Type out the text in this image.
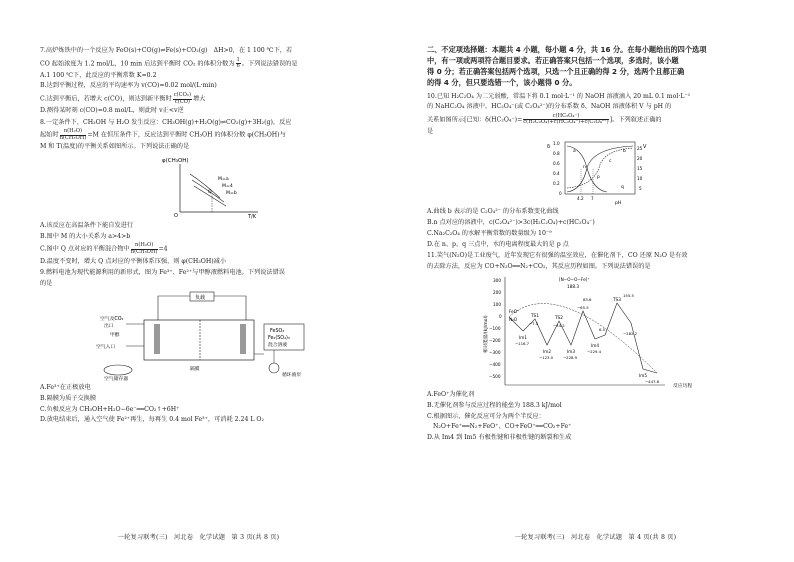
7.高炉炼铁中的一个反应为 FeO(s)+CO(g)⇌Fe(s)+CO₂(g)　ΔH>0，在 1 100 ℃下，若

CO 起始浓度为 1.2 mol/L，10 min 后达到平衡时 CO₂ 的体积分数为 $\frac{1}{6}$ 。下列说法错误的是

A.1 100 ℃下，此反应的平衡常数 K=0.2

B.达到平衡过程，反应的平均速率为 v(CO)=0.02 mol/(L·min)

C.达到平衡后，若增大 c(CO)，则达到新平衡时 $\frac{\text{c(CO₂)}}{c(CO)}$ 增大

D.测得某时刻 c(CO)=0.8 mol/L，则此时 v正<v逆

8.一定条件下，CH₃OH 与 H₂O 发生反应：CH₃OH(g)+H₂O(g)⇌CO₂(g)+3H₂(g)，反应

起始时 $\frac{\text{n(H₂O)}}{\text{n(CH₃OH)}} =M$ 在恒压条件下，反应达到平衡时 CH₃OH 的体积分数 φ(CH₃OH)与

M 和 T(温度)的平衡关系如图所示。下列说法正确的是

φ(CH₃OH)
O	T/K
M=a
M=4
M=b
Q

A.该反应在高温条件下能自发进行

B.图中 M 的大小关系为 a>4>b

C.图中 Q 点对应的平衡混合物中 $\frac{\text{n(H₂O)}}{\text{n(CH₃OH)}} =4$

D.温度不变时，增大 Q 点对应的平衡体系压强，则 φ(CH₃OH)减小

9.燃料电池为现代能源利用的新形式，图为 Fe³⁺、Fe²⁺与甲醇液燃料电池。下列说法错误

的是

负载
FeSO₄
Fe₂(SO₄)₃
混合溶液
空气及CO₂
出口
甲醇
空气入口
空气储存器
隔膜
循环液泵

A.Fe³⁺在正极放电

B.隔膜为质子交换膜

C.负极反应为 CH₃OH+H₂O−6e⁻══CO₂↑+6H⁺

D.放电结束后，通入空气使 Fe²⁺再生，每再生 0.4 mol Fe³⁺，可消耗 2.24 L O₂

一轮复习联考(三)　河北卷　化学试题　第 3 页(共 8 页)
二、不定项选择题：本题共 4 小题，每小题 4 分，共 16 分。在每小题给出的四个选项
中，有一项或两项符合题目要求。若正确答案只包括一个选项，多选时，该小题
得 0 分；若正确答案包括两个选项，只选一个且正确的得 2 分，选两个且都正确
的得 4 分，但只要选错一个，该小题得 0 分。

10.已知 H₂C₂O₄ 为二元弱酸，常温下将 0.1 mol·L⁻¹ 的 NaOH 溶液滴入 20 mL 0.1 mol·L⁻¹

的 NaHC₂O₄ 溶液中，HC₂O₄⁻(或 C₂O₄²⁻)的分布系数 δ、NaOH 溶液体积 V 与 pH 的

关系如图所示[已知：$\delta(HC_2O_4^-)= \frac{\text{c(HC₂O₄⁻)}}{\text{c(H₂C₂O₄)+c(HC₂O₄⁻)+c(C₂O₄²⁻)}}$ ]。下列叙述正确的

是

δ	V
1.0
0.8
0.6
0.4
0.2
0
25
20
15
10
5
4.2 7
pH
a	b
c
n
p
q

A.曲线 b 表示的是 C₂O₄²⁻ 的分布系数变化曲线

B.n 点对应的溶液中，c(C₂O₄²⁻)>3c(H₂C₂O₄)+c(HC₂O₄⁻)

C.Na₂C₂O₄ 的水解平衡常数的数量级为 10⁻⁹

D.在 n、p、q 三点中，水的电离程度最大的是 p 点

11.笑气(N₂O)是工业废气，近年发现它有很强的温室效应，在催化剂下，CO 还原 N₂O 是有效

的去除方法，反应为 CO+N₂O══N₂+CO₂，其反应历程如图。下列说法错误的是

相对能量/(kJ/mol)
反应历程
300
200
100
0
−100
−200
−300
−400
−500
[N−O−O−Fe]⁺
188.3
FeO⁺
N₂O
Im1
TS1
Im2
TS2
Im3
Im4
TS3
Im5
−116.7
−123.0	−228.9
−229.4
−282.2
−447.8
−7.5	−34.2
−65.5
6.5
83.6
155.5

A.FeO⁺为催化剂

B.无催化剂参与反应过程的能垒为 188.3 kJ/mol

C.根据图示，催化反应可分为两个半反应：

N₂O+Fe⁺══N₂+FeO⁺、CO+FeO⁺══CO₂+Fe⁺

D.从 Im4 到 Im5 有极性键和非极性键的断裂和生成

一轮复习联考(三)　河北卷　化学试题　第 4 页(共 8 页)
